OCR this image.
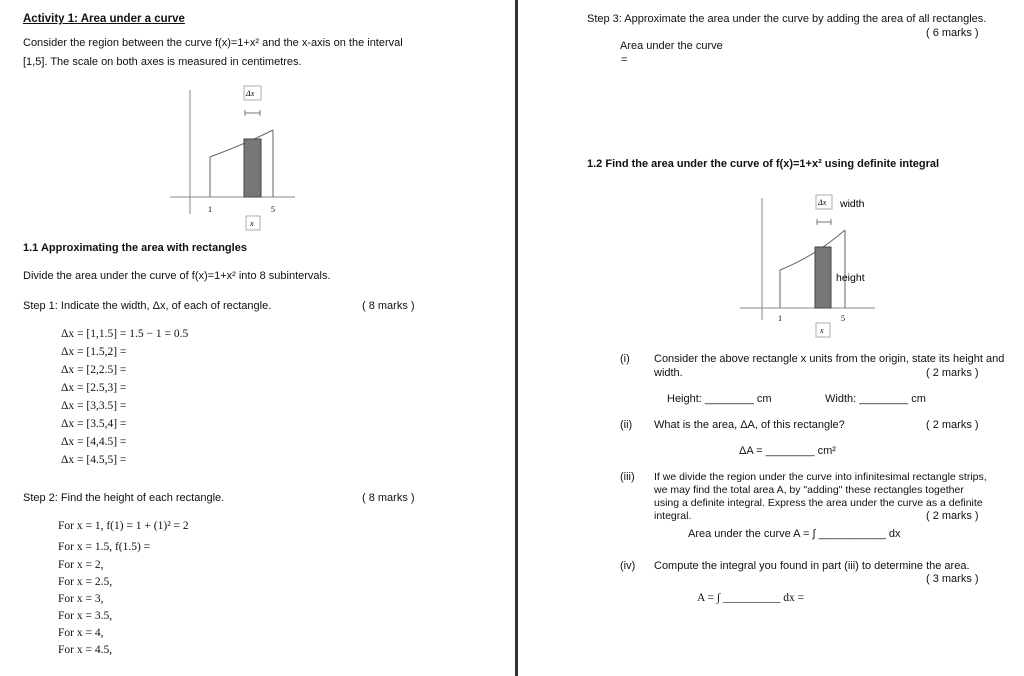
Activity 1: Area under a curve
Consider the region between the curve f(x)=1+x² and the x-axis on the interval
[1,5]. The scale on both axes is measured in centimetres.
Δx
x
1	5
1.1 Approximating the area with rectangles
Divide the area under the curve of f(x)=1+x² into 8 subintervals.
Step 1: Indicate the width, Δx, of each of rectangle.	( 8 marks )
Δx = [1,1.5] = 1.5 − 1 = 0.5
Δx = [1.5,2] =
Δx = [2,2.5] =
Δx = [2.5,3] =
Δx = [3,3.5] =
Δx = [3.5,4] =
Δx = [4,4.5] =
Δx = [4.5,5] =
Step 2: Find the height of each rectangle.	( 8 marks )
For x = 1, f(1) = 1 + (1)² = 2
For x = 1.5, f(1.5) =
For x = 2,
For x = 2.5,
For x = 3,
For x = 3.5,
For x = 4,
For x = 4.5,
Step 3: Approximate the area under the curve by adding the area of all rectangles.
( 6 marks )
Area under the curve
=
1.2 Find the area under the curve of f(x)=1+x² using definite integral
Δx width
height
x
1	5
(i) Consider the above rectangle x units from the origin, state its height and
width.	( 2 marks )
Height: ________ cm	Width: ________ cm
(ii) What is the area, ΔA, of this rectangle?	( 2 marks )
ΔA = ________ cm²
(iii) If we divide the region under the curve into infinitesimal rectangle strips,
we may find the total area A, by "adding" these rectangles together
using a definite integral. Express the area under the curve as a definite
integral.	( 2 marks )
Area under the curve A = ∫ ___________ dx
(iv) Compute the integral you found in part (iii) to determine the area.
( 3 marks )
A = ∫ __________ dx =
